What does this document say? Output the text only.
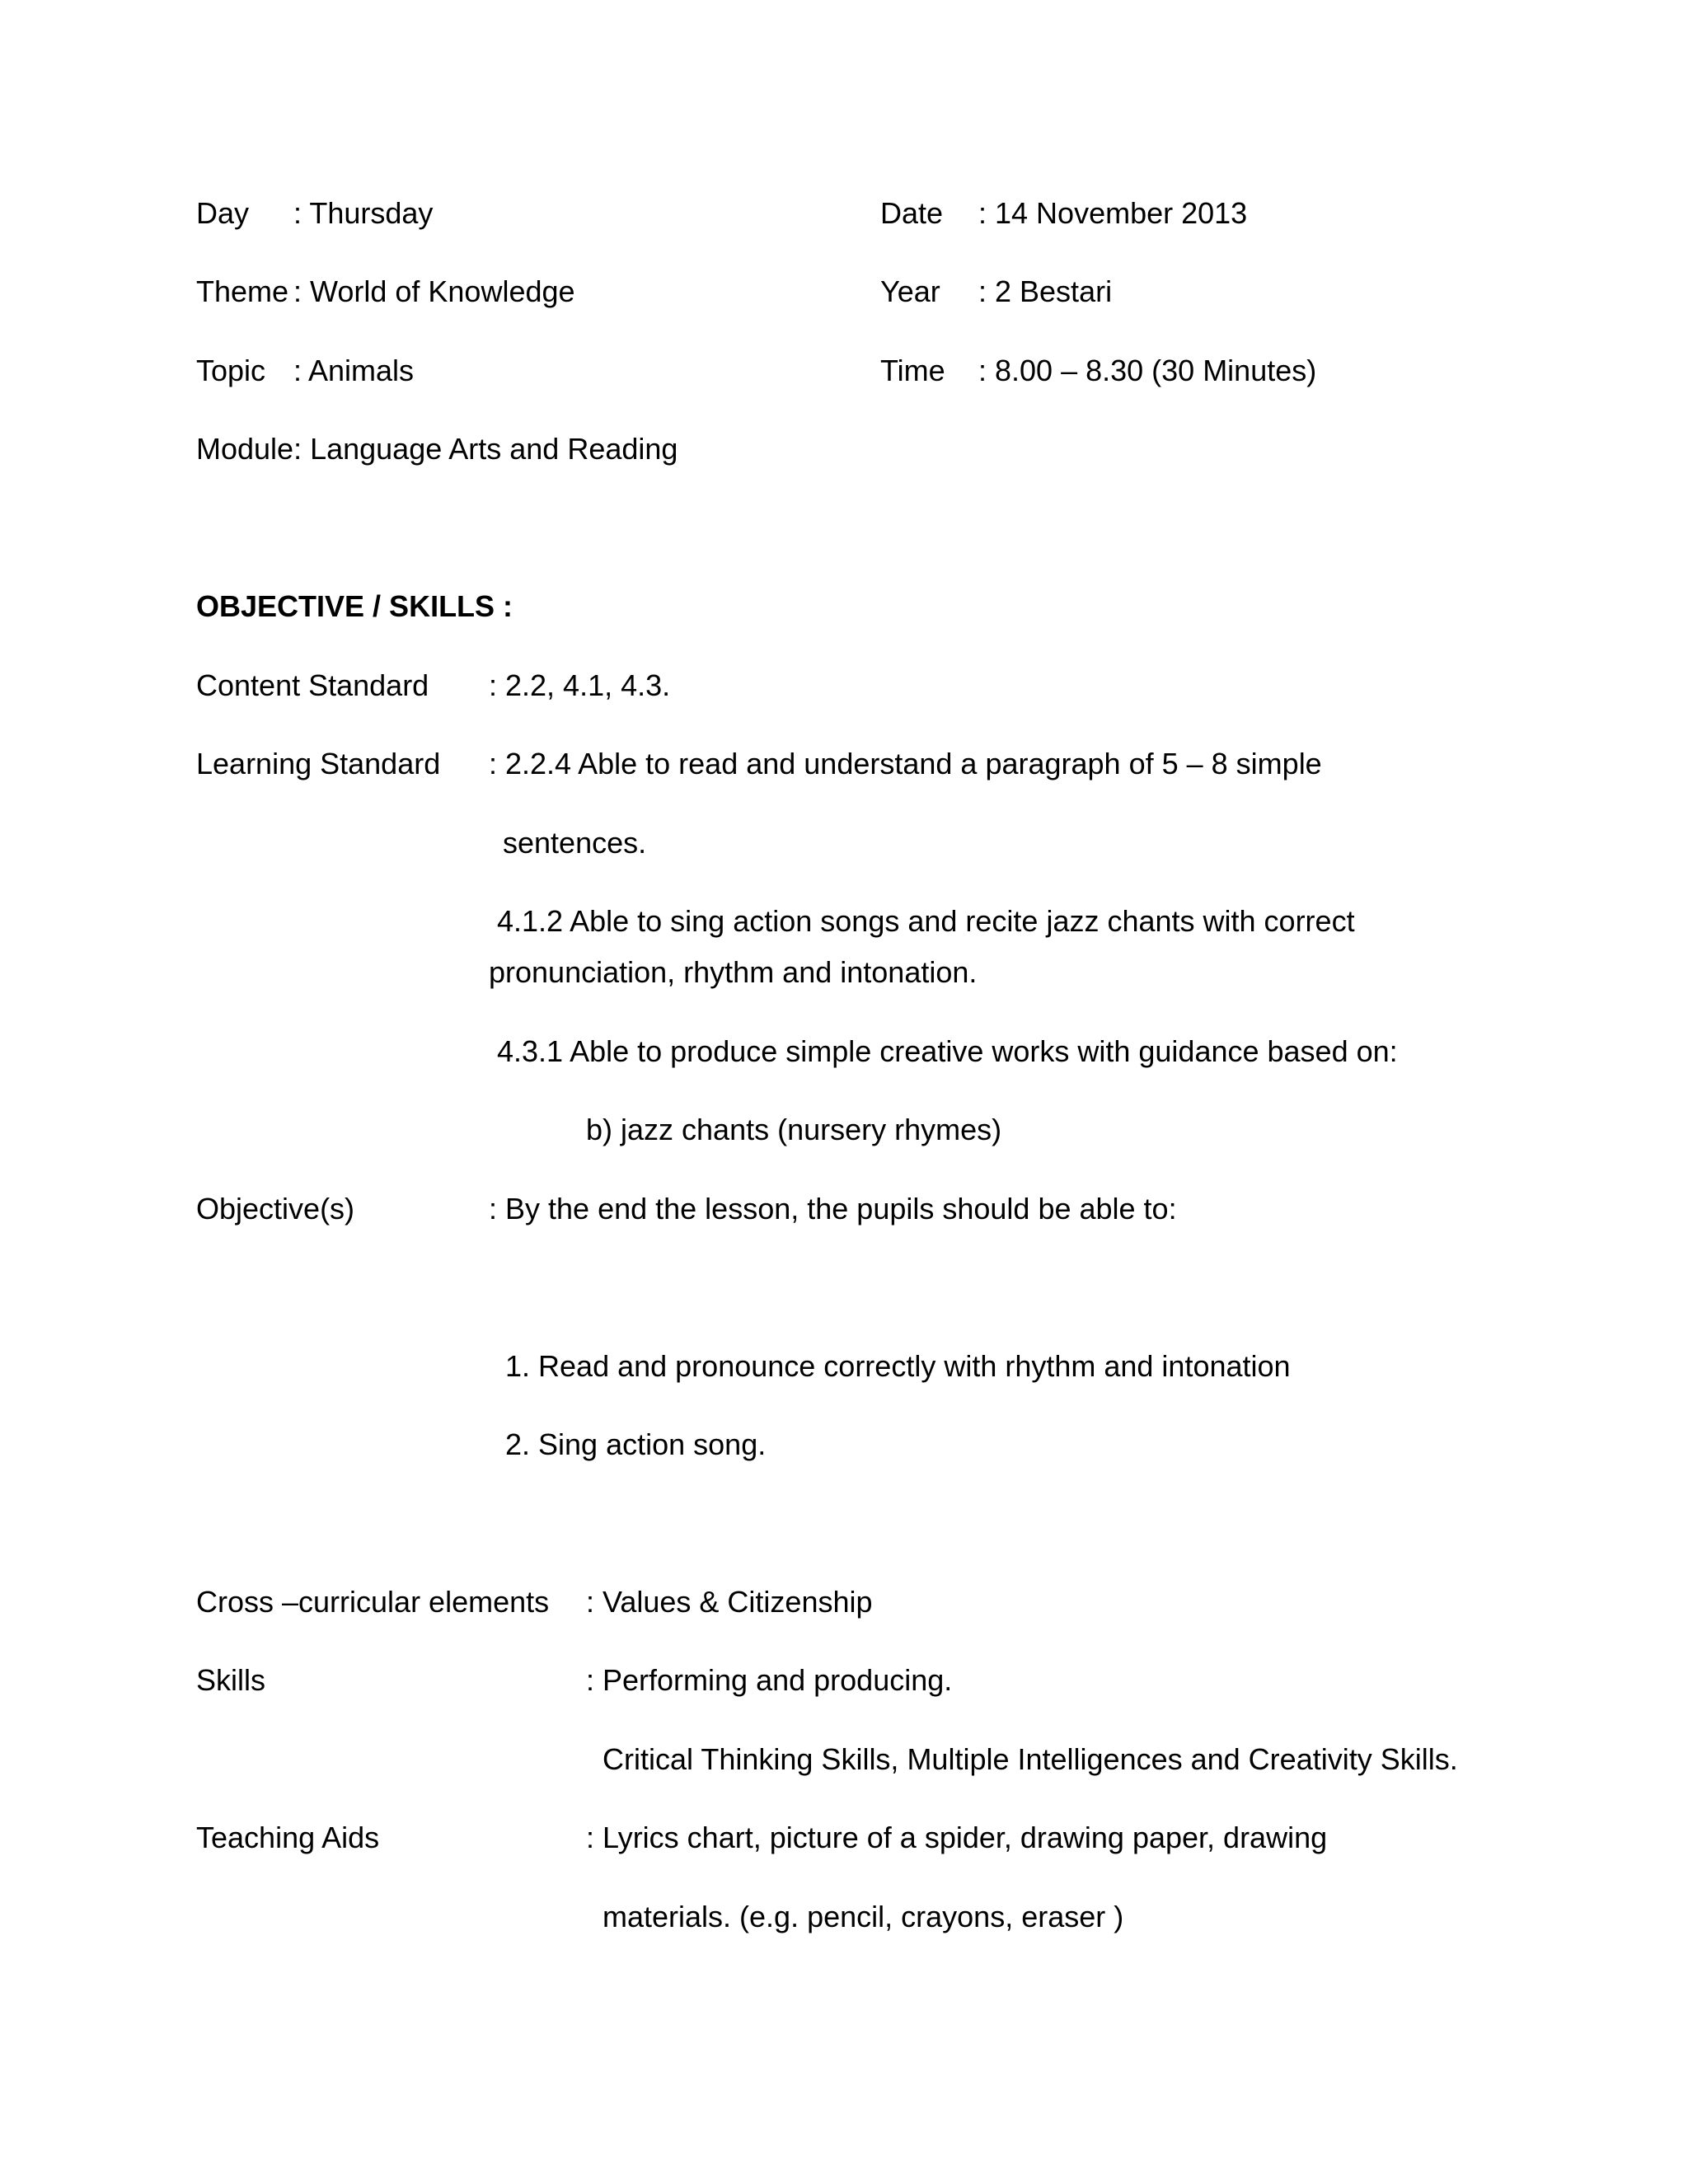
Day : Thursday	Date : 14 November 2013
Theme : World of Knowledge	Year : 2 Bestari
Topic : Animals	Time : 8.00 – 8.30 (30 Minutes)
Module: Language Arts and Reading
OBJECTIVE / SKILLS :
Content Standard : 2.2, 4.1, 4.3.
Learning Standard : 2.2.4 Able to read and understand a paragraph of 5 – 8 simple
sentences.
4.1.2 Able to sing action songs and recite jazz chants with correct
pronunciation, rhythm and intonation.
4.3.1 Able to produce simple creative works with guidance based on:
b) jazz chants (nursery rhymes)
Objective(s)	: By the end the lesson, the pupils should be able to:
1. Read and pronounce correctly with rhythm and intonation
2. Sing action song.
Cross –curricular elements : Values & Citizenship
Skills	: Performing and producing.
Critical Thinking Skills, Multiple Intelligences and Creativity Skills.
Teaching Aids	: Lyrics chart, picture of a spider, drawing paper, drawing
materials. (e.g. pencil, crayons, eraser )
